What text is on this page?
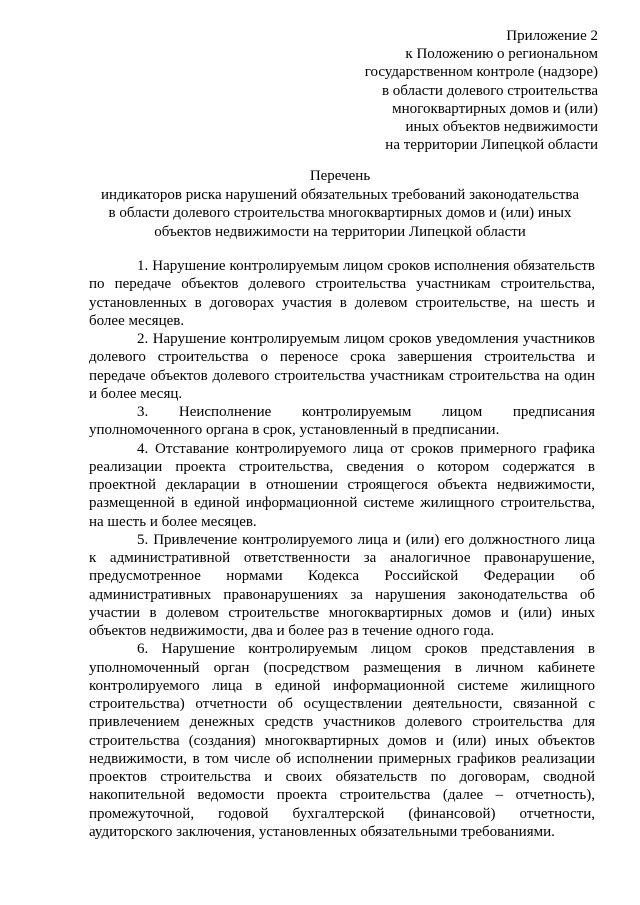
Приложение 2
к Положению о региональном
государственном контроле (надзоре)
в области долевого строительства
многоквартирных домов и (или)
иных объектов недвижимости
на территории Липецкой области
Перечень
индикаторов риска нарушений обязательных требований законодательства
в области долевого строительства многоквартирных домов и (или) иных
объектов недвижимости на территории Липецкой области

1. Нарушение контролируемым лицом сроков исполнения обязательств по передаче объектов долевого строительства участникам строительства, установленных в договорах участия в долевом строительстве, на шесть и более месяцев.

2. Нарушение контролируемым лицом сроков уведомления участников долевого строительства о переносе срока завершения строительства и передаче объектов долевого строительства участникам строительства на один и более месяц.

3. Неисполнение контролируемым лицом предписания уполномоченного органа в срок, установленный в предписании.

4. Отставание контролируемого лица от сроков примерного графика реализации проекта строительства, сведения о котором содержатся в проектной декларации в отношении строящегося объекта недвижимости, размещенной в единой информационной системе жилищного строительства, на шесть и более месяцев.

5. Привлечение контролируемого лица и (или) его должностного лица к административной ответственности за аналогичное правонарушение, предусмотренное нормами Кодекса Российской Федерации об административных правонарушениях за нарушения законодательства об участии в долевом строительстве многоквартирных домов и (или) иных объектов недвижимости, два и более раз в течение одного года.

6. Нарушение контролируемым лицом сроков представления в уполномоченный орган (посредством размещения в личном кабинете контролируемого лица в единой информационной системе жилищного строительства) отчетности об осуществлении деятельности, связанной с привлечением денежных средств участников долевого строительства для строительства (создания) многоквартирных домов и (или) иных объектов недвижимости, в том числе об исполнении примерных графиков реализации проектов строительства и своих обязательств по договорам, сводной накопительной ведомости проекта строительства (далее – отчетность), промежуточной, годовой бухгалтерской (финансовой) отчетности, аудиторского заключения, установленных обязательными требованиями.
